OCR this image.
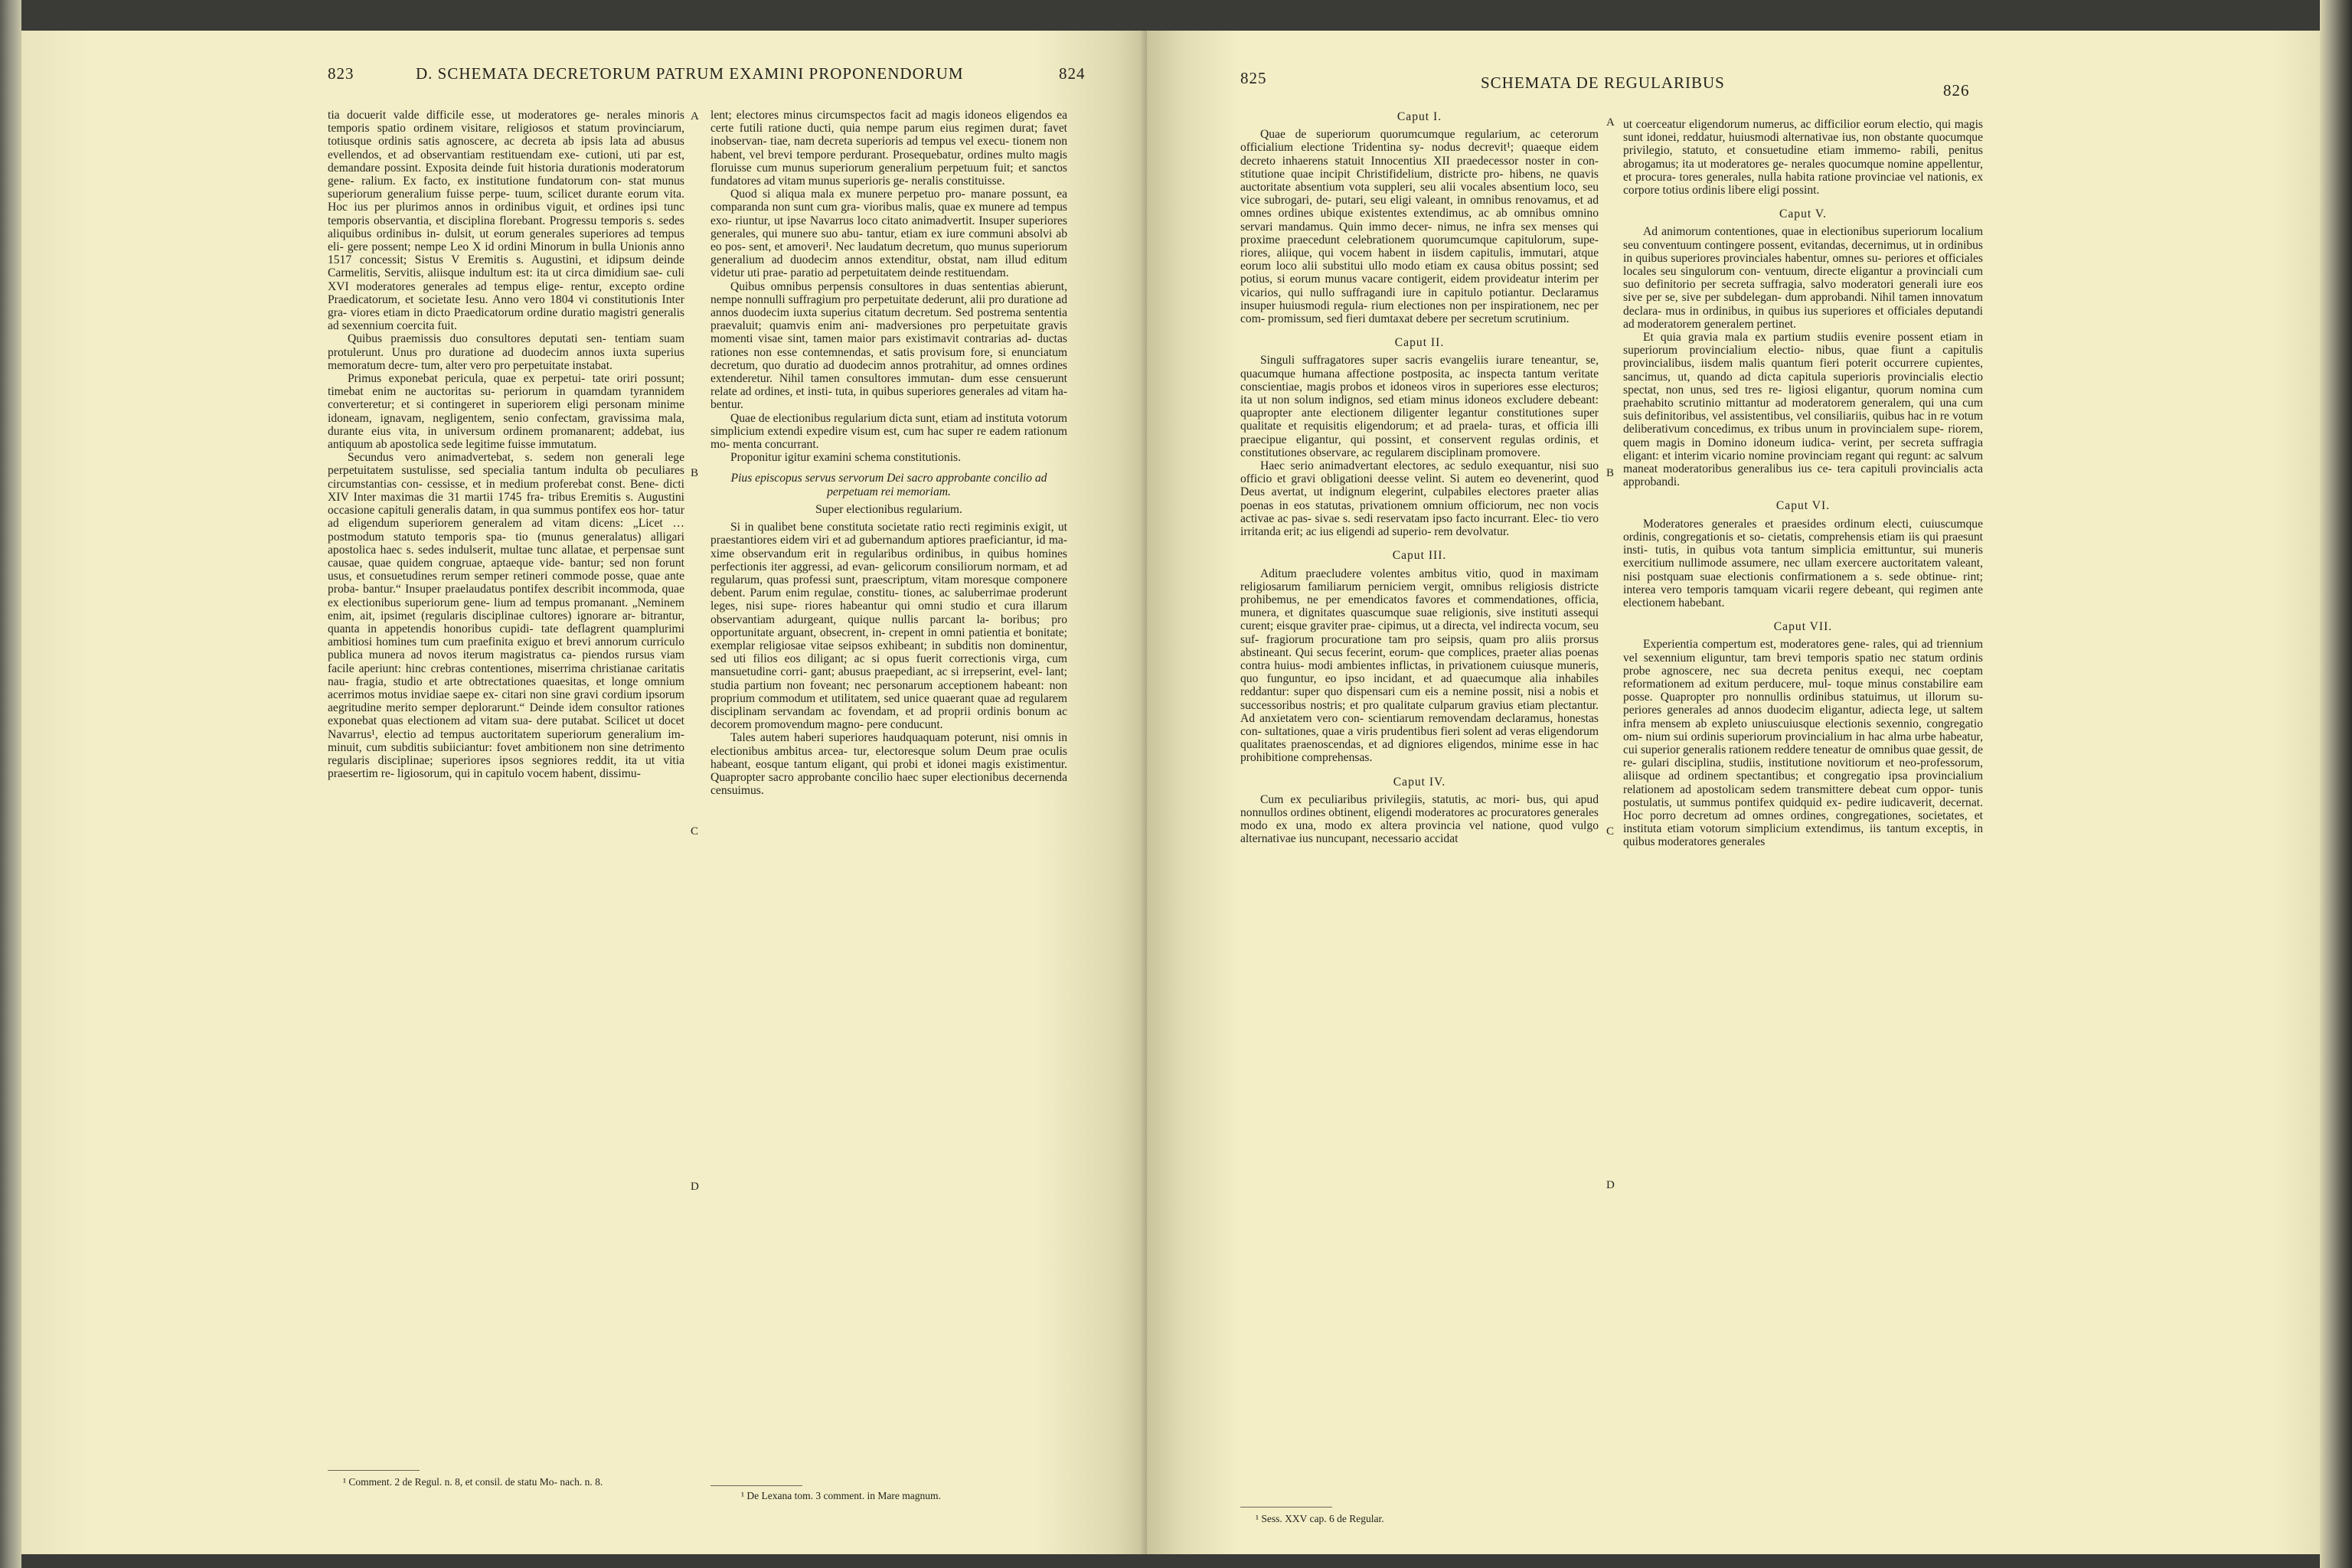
823	D. SCHEMATA DECRETORUM PATRUM EXAMINI PROPONENDORUM	824

tia docuerit valde difficile esse, ut moderatores ge- nerales minoris temporis spatio ordinem visitare, religiosos et statum provinciarum, totiusque ordinis satis agnoscere, ac decreta ab ipsis lata ad abusus evellendos, et ad observantiam restituendam exe- cutioni, uti par est, demandare possint. Exposita deinde fuit historia durationis moderatorum gene- ralium. Ex facto, ex institutione fundatorum con- stat munus superiorum generalium fuisse perpe- tuum, scilicet durante eorum vita. Hoc ius per plurimos annos in ordinibus viguit, et ordines ipsi tunc temporis observantia, et disciplina florebant. Progressu temporis s. sedes aliquibus ordinibus in- dulsit, ut eorum generales superiores ad tempus eli- gere possent; nempe Leo X id ordini Minorum in bulla Unionis anno 1517 concessit; Sistus V Eremitis s. Augustini, et idipsum deinde Carmelitis, Servitis, aliisque indultum est: ita ut circa dimidium sae- culi XVI moderatores generales ad tempus elige- rentur, excepto ordine Praedicatorum, et societate Iesu. Anno vero 1804 vi constitutionis Inter gra- viores etiam in dicto Praedicatorum ordine duratio magistri generalis ad sexennium coercita fuit.

Quibus praemissis duo consultores deputati sen- tentiam suam protulerunt. Unus pro duratione ad duodecim annos iuxta superius memoratum decre- tum, alter vero pro perpetuitate instabat.

Primus exponebat pericula, quae ex perpetui- tate oriri possunt; timebat enim ne auctoritas su- periorum in quamdam tyrannidem converteretur; et si contingeret in superiorem eligi personam minime idoneam, ignavam, negligentem, senio confectam, gravissima mala, durante eius vita, in universum ordinem promanarent; addebat, ius antiquum ab apostolica sede legitime fuisse immutatum.

Secundus vero animadvertebat, s. sedem non generali lege perpetuitatem sustulisse, sed specialia tantum indulta ob peculiares circumstantias con- cessisse, et in medium proferebat const. Bene- dicti XIV Inter maximas die 31 martii 1745 fra- tribus Eremitis s. Augustini occasione capituli generalis datam, in qua summus pontifex eos hor- tatur ad eligendum superiorem generalem ad vitam dicens: „Licet … postmodum statuto temporis spa- tio (munus generalatus) alligari apostolica haec s. sedes indulserit, multae tunc allatae, et perpensae sunt causae, quae quidem congruae, aptaeque vide- bantur; sed non forunt usus, et consuetudines rerum semper retineri commode posse, quae ante proba- bantur.“ Insuper praelaudatus pontifex describit incommoda, quae ex electionibus superiorum gene- lium ad tempus promanant. „Neminem enim, ait, ipsimet (regularis disciplinae cultores) ignorare ar- bitrantur, quanta in appetendis honoribus cupidi- tate deflagrent quamplurimi ambitiosi homines tum cum praefinita exiguo et brevi annorum curriculo publica munera ad novos iterum magistratus ca- piendos rursus viam facile aperiunt: hinc crebras contentiones, miserrima christianae caritatis nau- fragia, studio et arte obtrectationes quaesitas, et longe omnium acerrimos motus invidiae saepe ex- citari non sine gravi cordium ipsorum aegritudine merito semper deplorarunt.“ Deinde idem consultor rationes exponebat quas electionem ad vitam sua- dere putabat. Scilicet ut docet Navarrus¹, electio ad tempus auctoritatem superiorum generalium im- minuit, cum subditis subiiciantur: fovet ambitionem non sine detrimento regularis disciplinae; superiores ipsos segniores reddit, ita ut vitia praesertim re- ligiosorum, qui in capitulo vocem habent, dissimu-

lent; electores minus circumspectos facit ad magis idoneos eligendos ea certe futili ratione ducti, quia nempe parum eius regimen durat; favet inobservan- tiae, nam decreta superioris ad tempus vel execu- tionem non habent, vel brevi tempore perdurant. Prosequebatur, ordines multo magis floruisse cum munus superiorum generalium perpetuum fuit; et sanctos fundatores ad vitam munus superioris ge- neralis constituisse.

Quod si aliqua mala ex munere perpetuo pro- manare possunt, ea comparanda non sunt cum gra- vioribus malis, quae ex munere ad tempus exo- riuntur, ut ipse Navarrus loco citato animadvertit. Insuper superiores generales, qui munere suo abu- tantur, etiam ex iure communi absolvi ab eo pos- sent, et amoveri¹. Nec laudatum decretum, quo munus superiorum generalium ad duodecim annos extenditur, obstat, nam illud editum videtur uti prae- paratio ad perpetuitatem deinde restituendam.

Quibus omnibus perpensis consultores in duas sententias abierunt, nempe nonnulli suffragium pro perpetuitate dederunt, alii pro duratione ad annos duodecim iuxta superius citatum decretum. Sed postrema sententia praevaluit; quamvis enim ani- madversiones pro perpetuitate gravis momenti visae sint, tamen maior pars existimavit contrarias ad- ductas rationes non esse contemnendas, et satis provisum fore, si enunciatum decretum, quo duratio ad duodecim annos protrahitur, ad omnes ordines extenderetur. Nihil tamen consultores immutan- dum esse censuerunt relate ad ordines, et insti- tuta, in quibus superiores generales ad vitam ha- bentur.

Quae de electionibus regularium dicta sunt, etiam ad instituta votorum simplicium extendi expedire visum est, cum hac super re eadem rationum mo- menta concurrant.

Proponitur igitur examini schema constitutionis.

Pius episcopus servus servorum Dei sacro approbante concilio ad perpetuam rei memoriam.

Super electionibus regularium.

Si in qualibet bene constituta societate ratio recti regiminis exigit, ut praestantiores eidem viri et ad gubernandum aptiores praeficiantur, id ma- xime observandum erit in regularibus ordinibus, in quibus homines perfectionis iter aggressi, ad evan- gelicorum consiliorum normam, et ad regularum, quas professi sunt, praescriptum, vitam moresque componere debent. Parum enim regulae, constitu- tiones, ac saluberrimae proderunt leges, nisi supe- riores habeantur qui omni studio et cura illarum observantiam adurgeant, quique nullis parcant la- boribus; pro opportunitate arguant, obsecrent, in- crepent in omni patientia et bonitate; exemplar religiosae vitae seipsos exhibeant; in subditis non dominentur, sed uti filios eos diligant; ac si opus fuerit correctionis virga, cum mansuetudine corri- gant; abusus praepediant, ac si irrepserint, evel- lant; studia partium non foveant; nec personarum acceptionem habeant: non proprium commodum et utilitatem, sed unice quaerant quae ad regularem disciplinam servandam ac fovendam, et ad proprii ordinis bonum ac decorem promovendum magno- pere conducunt.

Tales autem haberi superiores haudquaquam poterunt, nisi omnis in electionibus ambitus arcea- tur, electoresque solum Deum prae oculis habeant, eosque tantum eligant, qui probi et idonei magis existimentur. Quapropter sacro approbante concilio haec super electionibus decernenda censuimus.

A
B
C
D
¹ Comment. 2 de Regul. n. 8, et consil. de statu Mo- nach. n. 8.
¹ De Lexana tom. 3 comment. in Mare magnum.
825	SCHEMATA DE REGULARIBUS	826

Caput I.

Quae de superiorum quorumcumque regularium, ac ceterorum officialium electione Tridentina sy- nodus decrevit¹; quaeque eidem decreto inhaerens statuit Innocentius XII praedecessor noster in con- stitutione quae incipit Christifidelium, districte pro- hibens, ne quavis auctoritate absentium vota suppleri, seu alii vocales absentium loco, seu vice subrogari, de- putari, seu eligi valeant, in omnibus renovamus, et ad omnes ordines ubique existentes extendimus, ac ab omnibus omnino servari mandamus. Quin immo decer- nimus, ne infra sex menses qui proxime praecedunt celebrationem quorumcumque capitulorum, supe- riores, aliique, qui vocem habent in iisdem capitulis, immutari, atque eorum loco alii substitui ullo modo etiam ex causa obitus possint; sed potius, si eorum munus vacare contigerit, eidem provideatur interim per vicarios, qui nullo suffragandi iure in capitulo potiantur. Declaramus insuper huiusmodi regula- rium electiones non per inspirationem, nec per com- promissum, sed fieri dumtaxat debere per secretum scrutinium.

Caput II.

Singuli suffragatores super sacris evangeliis iurare teneantur, se, quacumque humana affectione postposita, ac inspecta tantum veritate conscientiae, magis probos et idoneos viros in superiores esse electuros; ita ut non solum indignos, sed etiam minus idoneos excludere debeant: quapropter ante electionem diligenter legantur constitutiones super qualitate et requisitis eligendorum; et ad praela- turas, et officia illi praecipue eligantur, qui possint, et conservent regulas ordinis, et constitutiones observare, ac regularem disciplinam promovere.

Haec serio animadvertant electores, ac sedulo exequantur, nisi suo officio et gravi obligationi deesse velint. Si autem eo devenerint, quod Deus avertat, ut indignum elegerint, culpabiles electores praeter alias poenas in eos statutas, privationem omnium officiorum, nec non vocis activae ac pas- sivae s. sedi reservatam ipso facto incurrant. Elec- tio vero irritanda erit; ac ius eligendi ad superio- rem devolvatur.

Caput III.

Aditum praecludere volentes ambitus vitio, quod in maximam religiosarum familiarum perniciem vergit, omnibus religiosis districte prohibemus, ne per emendicatos favores et commendationes, officia, munera, et dignitates quascumque suae religionis, sive instituti assequi curent; eisque graviter prae- cipimus, ut a directa, vel indirecta vocum, seu suf- fragiorum procuratione tam pro seipsis, quam pro aliis prorsus abstineant. Qui secus fecerint, eorum- que complices, praeter alias poenas contra huius- modi ambientes inflictas, in privationem cuiusque muneris, quo funguntur, eo ipso incidant, et ad quaecumque alia inhabiles reddantur: super quo dispensari cum eis a nemine possit, nisi a nobis et successoribus nostris; et pro qualitate culparum gravius etiam plectantur. Ad anxietatem vero con- scientiarum removendam declaramus, honestas con- sultationes, quae a viris prudentibus fieri solent ad veras eligendorum qualitates praenoscendas, et ad digniores eligendos, minime esse in hac prohibitione comprehensas.

Caput IV.

Cum ex peculiaribus privilegiis, statutis, ac mori- bus, qui apud nonnullos ordines obtinent, eligendi moderatores ac procuratores generales modo ex una, modo ex altera provincia vel natione, quod vulgo alternativae ius nuncupant, necessario accidat

ut coerceatur eligendorum numerus, ac difficilior eorum electio, qui magis sunt idonei, reddatur, huiusmodi alternativae ius, non obstante quocumque privilegio, statuto, et consuetudine etiam immemo- rabili, penitus abrogamus; ita ut moderatores ge- nerales quocumque nomine appellentur, et procura- tores generales, nulla habita ratione provinciae vel nationis, ex corpore totius ordinis libere eligi possint.

Caput V.

Ad animorum contentiones, quae in electionibus superiorum localium seu conventuum contingere possent, evitandas, decernimus, ut in ordinibus in quibus superiores provinciales habentur, omnes su- periores et officiales locales seu singulorum con- ventuum, directe eligantur a provinciali cum suo definitorio per secreta suffragia, salvo moderatori generali iure eos sive per se, sive per subdelegan- dum approbandi. Nihil tamen innovatum declara- mus in ordinibus, in quibus ius superiores et officiales deputandi ad moderatorem generalem pertinet.

Et quia gravia mala ex partium studiis evenire possent etiam in superiorum provincialium electio- nibus, quae fiunt a capitulis provincialibus, iisdem malis quantum fieri poterit occurrere cupientes, sancimus, ut, quando ad dicta capitula superioris provincialis electio spectat, non unus, sed tres re- ligiosi eligantur, quorum nomina cum praehabito scrutinio mittantur ad moderatorem generalem, qui una cum suis definitoribus, vel assistentibus, vel consiliariis, quibus hac in re votum deliberativum concedimus, ex tribus unum in provincialem supe- riorem, quem magis in Domino idoneum iudica- verint, per secreta suffragia eligant: et interim vicario nomine provinciam regant qui regunt: ac salvum maneat moderatoribus generalibus ius ce- tera capituli provincialis acta approbandi.

Caput VI.

Moderatores generales et praesides ordinum electi, cuiuscumque ordinis, congregationis et so- cietatis, comprehensis etiam iis qui praesunt insti- tutis, in quibus vota tantum simplicia emittuntur, sui muneris exercitium nullimode assumere, nec ullam exercere auctoritatem valeant, nisi postquam suae electionis confirmationem a s. sede obtinue- rint; interea vero temporis tamquam vicarii regere debeant, qui regimen ante electionem habebant.

Caput VII.

Experientia compertum est, moderatores gene- rales, qui ad triennium vel sexennium eliguntur, tam brevi temporis spatio nec statum ordinis probe agnoscere, nec sua decreta penitus exequi, nec coeptam reformationem ad exitum perducere, mul- toque minus constabilire eam posse. Quapropter pro nonnullis ordinibus statuimus, ut illorum su- periores generales ad annos duodecim eligantur, adiecta lege, ut saltem infra mensem ab expleto uniuscuiusque electionis sexennio, congregatio om- nium sui ordinis superiorum provincialium in hac alma urbe habeatur, cui superior generalis rationem reddere teneatur de omnibus quae gessit, de re- gulari disciplina, studiis, institutione novitiorum et neo-professorum, aliisque ad ordinem spectantibus; et congregatio ipsa provincialium relationem ad apostolicam sedem transmittere debeat cum oppor- tunis postulatis, ut summus pontifex quidquid ex- pedire iudicaverit, decernat. Hoc porro decretum ad omnes ordines, congregationes, societates, et instituta etiam votorum simplicium extendimus, iis tantum exceptis, in quibus moderatores generales

A
B
C
D
¹ Sess. XXV cap. 6 de Regular.
